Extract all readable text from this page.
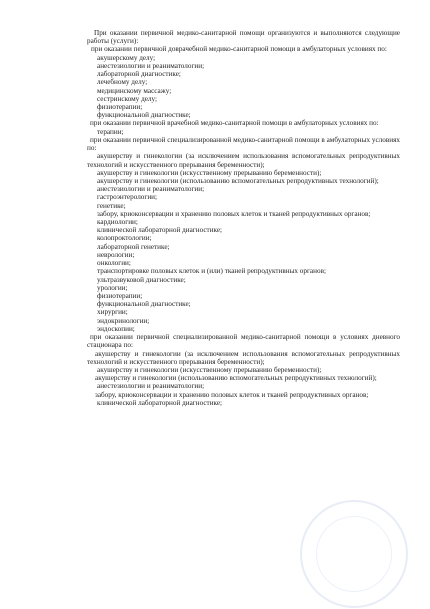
При оказании первичной медико-санитарной помощи организуются и выполняются следующие работы (услуги):
при оказании первичной доврачебной медико-санитарной помощи в амбулаторных условиях по:
акушерскому делу;
анестезиологии и реаниматологии;
лабораторной диагностике;
лечебному делу;
медицинскому массажу;
сестринскому делу;
физиотерапии;
функциональной диагностике;
при оказании первичной врачебной медико-санитарной помощи в амбулаторных условиях по:
терапии;
при оказании первичной специализированной медико-санитарной помощи в амбулаторных условиях по:
акушерству и гинекологии (за исключением использования вспомогательных репродуктивных технологий и искусственного прерывания беременности);
акушерству и гинекологии (искусственному прерыванию беременности);
акушерству и гинекологии (использованию вспомогательных репродуктивных технологий);
анестезиологии и реаниматологии;
гастроэнтерологии;
генетике;
забору, криоконсервации и хранению половых клеток и тканей репродуктивных органов;
кардиологии;
клинической лабораторной диагностике;
колопроктологии;
лабораторной генетике;
неврологии;
онкологии;
транспортировке половых клеток и (или) тканей репродуктивных органов;
ультразвуковой диагностике;
урологии;
физиотерапии;
функциональной диагностике;
хирургии;
эндокринологии;
эндоскопии;
при оказании первичной специализированной медико-санитарной помощи в условиях дневного стационара по:
акушерству и гинекологии (за исключением использования вспомогательных репродуктивных технологий и искусственного прерывания беременности);
акушерству и гинекологии (искусственному прерыванию беременности);
акушерству и гинекологии (использованию вспомогательных репродуктивных технологий);
анестезиологии и реаниматологии;
забору, криоконсервации и хранению половых клеток и тканей репродуктивных органов;
клинической лабораторной диагностике;
